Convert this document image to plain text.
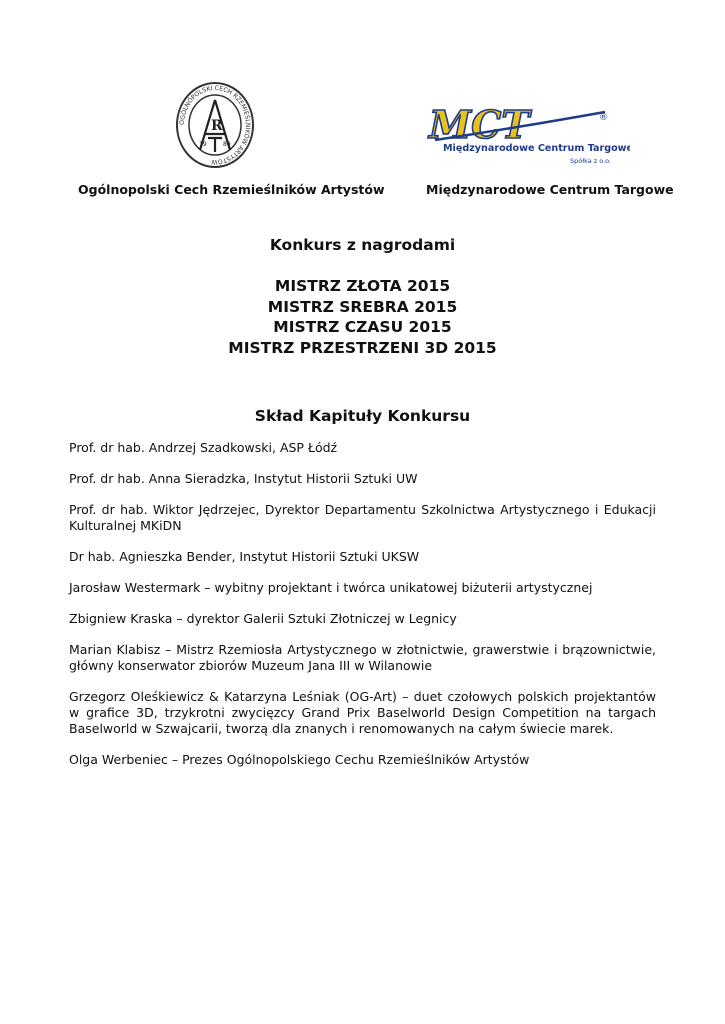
OGÓLNOPOLSKI CECH RZEMIEŚLNIKÓW ARTYSTÓW
R
19	89	MCT	®
Międzynarodowe Centrum Targowe
Spółka z o.o.
Ogólnopolski Cech Rzemieślników Artystów	Międzynarodowe Centrum Targowe
Konkurs z nagrodami
MISTRZ ZŁOTA 2015
MISTRZ SREBRA 2015
MISTRZ CZASU 2015
MISTRZ PRZESTRZENI 3D 2015
Skład Kapituły Konkursu

Prof. dr hab. Andrzej Szadkowski, ASP Łódź

Prof. dr hab. Anna Sieradzka, Instytut Historii Sztuki UW

Prof. dr hab. Wiktor Jędrzejec, Dyrektor Departamentu Szkolnictwa Artystycznego i Edukacji Kulturalnej MKiDN

Dr hab. Agnieszka Bender, Instytut Historii Sztuki UKSW

Jarosław Westermark – wybitny projektant i twórca unikatowej biżuterii artystycznej

Zbigniew Kraska – dyrektor Galerii Sztuki Złotniczej w Legnicy

Marian Klabisz – Mistrz Rzemiosła Artystycznego w złotnictwie, grawerstwie i brązownictwie, główny konserwator zbiorów Muzeum Jana III w Wilanowie

Grzegorz Oleśkiewicz & Katarzyna Leśniak (OG-Art) – duet czołowych polskich projektantów w grafice 3D, trzykrotni zwycięzcy Grand Prix Baselworld Design Competition na targach Baselworld w Szwajcarii, tworzą dla znanych i renomowanych na całym świecie marek.

Olga Werbeniec – Prezes Ogólnopolskiego Cechu Rzemieślników Artystów
